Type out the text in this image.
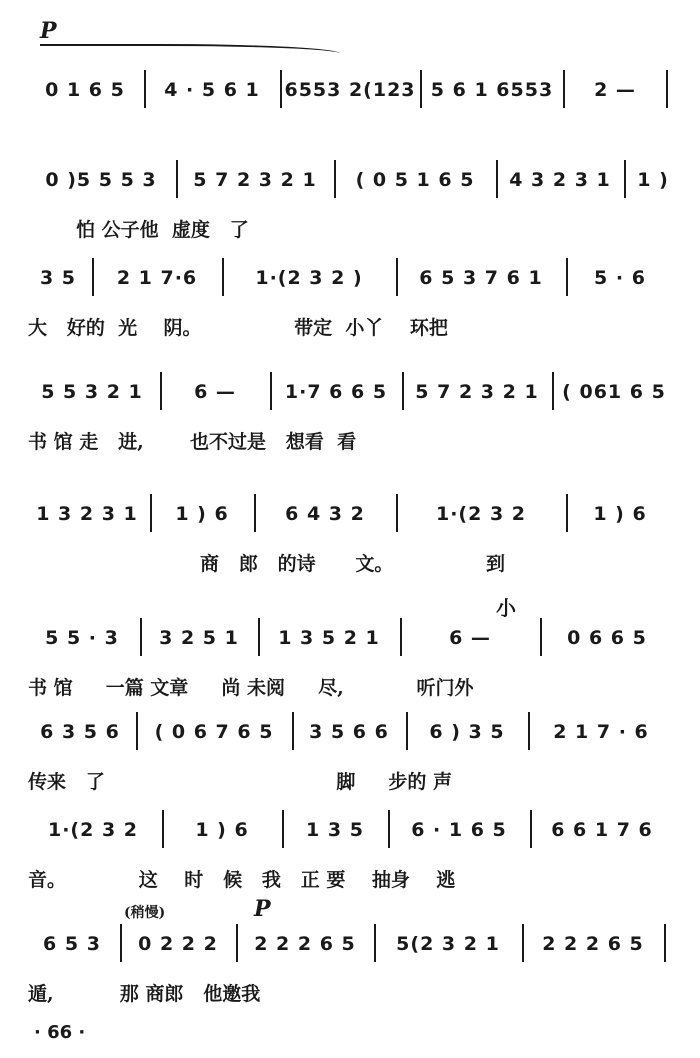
P
0 1 6 5	4 · 5 6 1	6553 2(123 5 6 1 6553	2 —
0 )5 5 5 3	5 7 2 3 2 1	( 0 5 1 6 5	4 3 2 3 1	1 )
怕 公子他  虚度   了
3 5	2 1 7·6	1·(2 3 2 )	6 5 3 7 6 1	5 · 6
大   好的  光    阴。              带定  小丫    环把
5 5 3 2 1	6 —	1·7 6 6 5	5 7 2 3 2 1	( 061 6 5
书 馆 走   进,       也不过是   想看  看
1 3 2 3 1	1 ) 6	6 4 3 2	1·(2 3 2	1 ) 6
商   郎   的诗      文。              到
小
5 5 · 3	3 2 5 1	1 3 5 2 1	6 —	0 6 6 5
书 馆     一篇 文章     尚 未阅     尽,           听门外
6 3 5 6	( 0 6 7 6 5	3 5 6 6	6 ) 3 5	2 1 7 · 6
传来   了                                   脚     步的 声
1·(2 3 2	1 ) 6	1 3 5	6 · 1 6 5	6 6 1 7 6
音。           这    时   候   我   正 要    抽身    逃
(稍慢)	P
6 5 3	0 2 2 2	2 2 2 6 5	5(2 3 2 1	2 2 2 6 5
遁,          那 商郎   他邀我
· 66 ·
